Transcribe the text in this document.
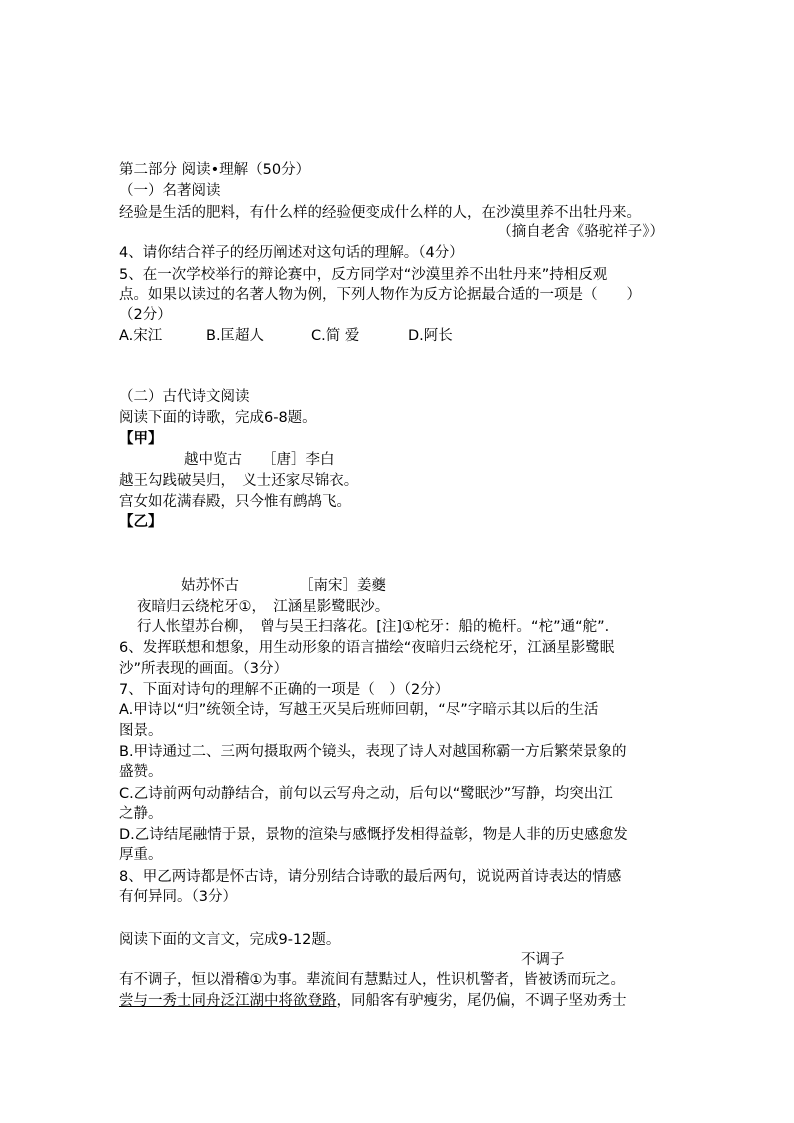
第二部分 阅读•理解（50分）
（一）名著阅读
经验是生活的肥料，有什么样的经验便变成什么样的人，在沙漠里养不出牡丹来。
（摘自老舍《骆驼祥子》）
4、请你结合祥子的经历阐述对这句话的理解。（4分）
5、在一次学校举行的辩论赛中，反方同学对“沙漠里养不出牡丹来”持相反观
点。如果以读过的名著人物为例，下列人物作为反方论据最合适的一项是（　　）
（2分）
A.宋江	B.匡超人	C.简 爱	D.阿长
（二）古代诗文阅读
阅读下面的诗歌，完成6-8题。
【甲】
越中览古 ［唐］李白
越王勾践破吴归，　义士还家尽锦衣。
宫女如花满春殿，只今惟有鹧鸪飞。
【乙】
姑苏怀古	［南宋］姜夔
夜暗归云绕柁牙①，　江涵星影鹭眠沙。
行人怅望苏台柳，　曾与吴王扫落花。[注]①柁牙：船的桅杆。“柁”通“舵”．
6、发挥联想和想象，用生动形象的语言描绘“夜暗归云绕柁牙，江涵星影鹭眠
沙”所表现的画面。（3分）
7、下面对诗句的理解不正确的一项是（　）（2分）
A.甲诗以“归”统领全诗，写越王灭吴后班师回朝，“尽”字暗示其以后的生活
图景。
B.甲诗通过二、三两句摄取两个镜头，表现了诗人对越国称霸一方后繁荣景象的
盛赞。
C.乙诗前两句动静结合，前句以云写舟之动，后句以“鹭眠沙”写静，均突出江
之静。
D.乙诗结尾融情于景，景物的渲染与感慨抒发相得益彰，物是人非的历史感愈发
厚重。
8、甲乙两诗都是怀古诗，请分别结合诗歌的最后两句，说说两首诗表达的情感
有何异同。（3分）
阅读下面的文言文，完成9-12题。
不调子
有不调子，恒以滑稽①为事。辈流间有慧黠过人，性识机警者，皆被诱而玩之。
尝与一秀士同舟泛江湖中将欲登路，同船客有驴瘦劣，尾仍偏，不调子坚劝秀士
